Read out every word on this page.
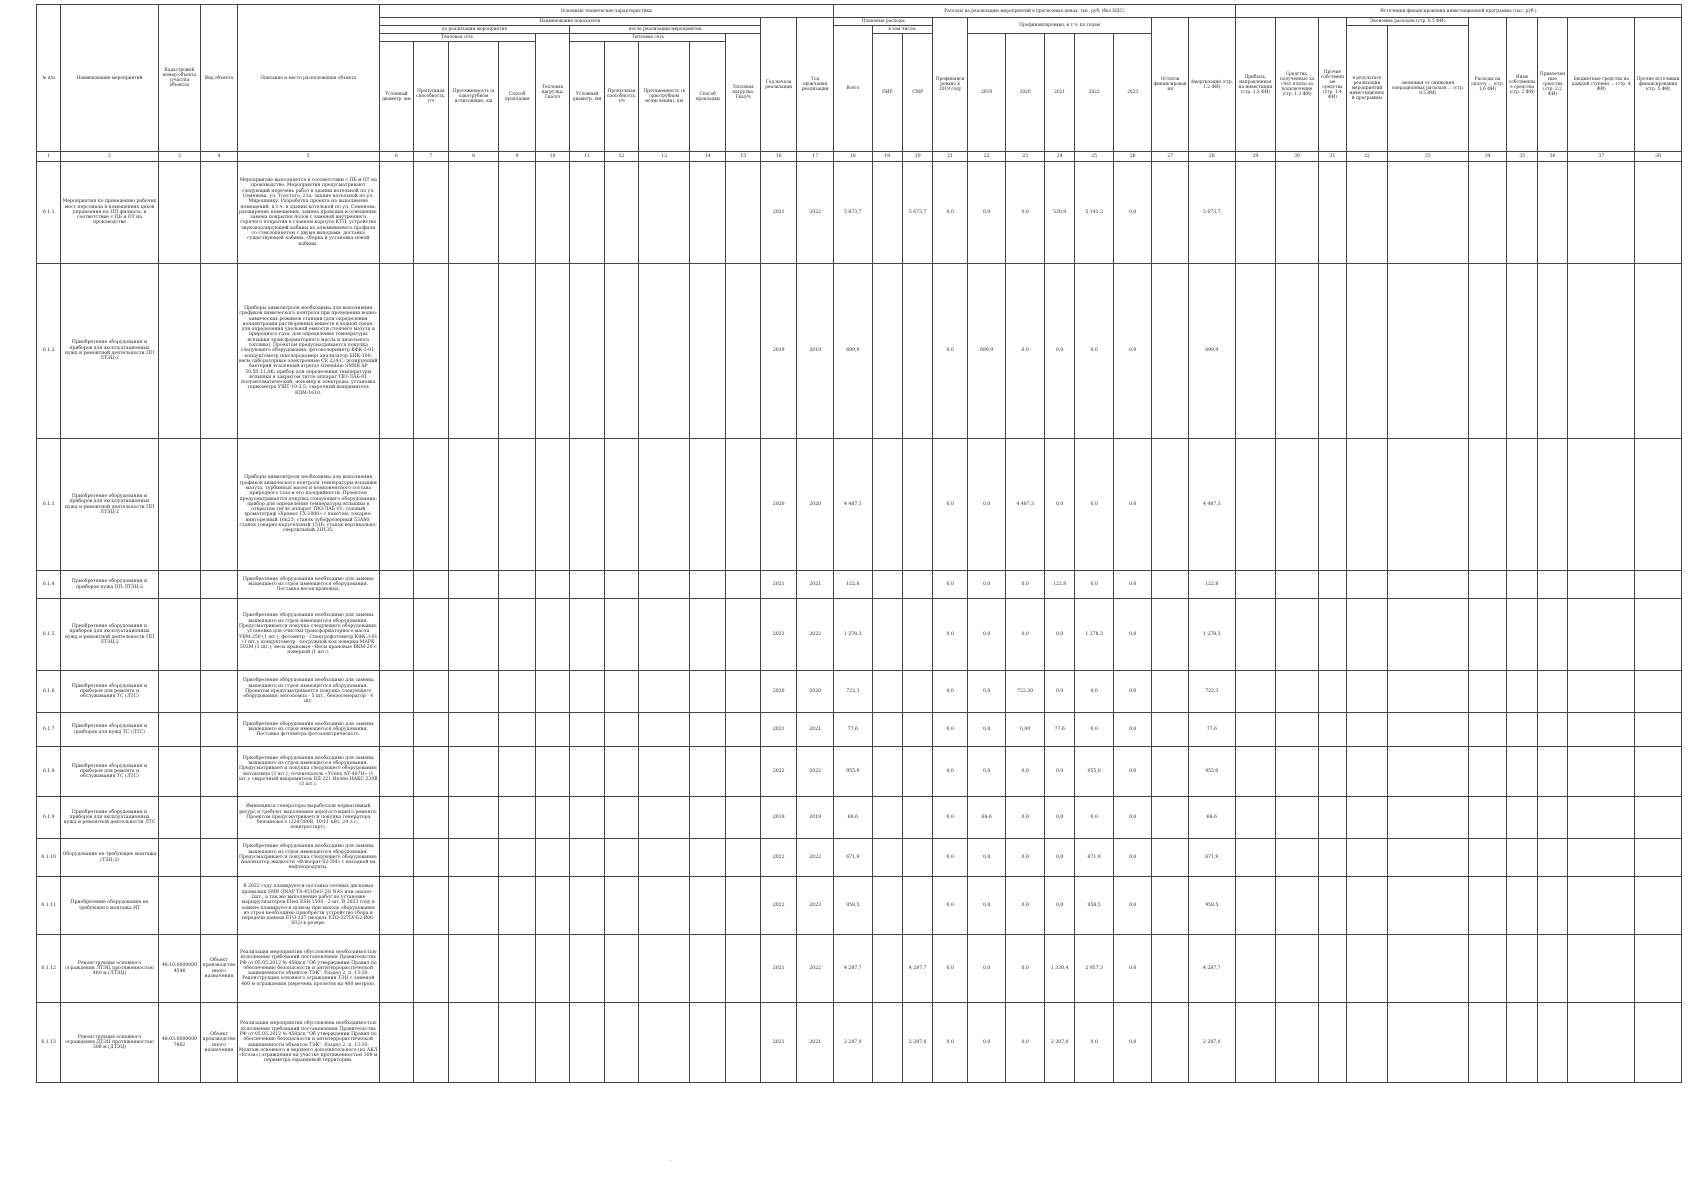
№ п/п	Наименование мероприятий	Кадастровый номер объекта (участка объекта)	Вид объекта	Описание и место расположения объекта	Основные технические характеристики												Расходы на реализацию мероприятий в прогнозных ценах, тыс. руб. (без НДС)											Источники финансирования инвестиционной программы (тыс. руб.)									
					Наименование показателя										Год начала реализации	Год окончания реализации	Плановые расходы			Профинансировано к 2019 году	Профинансировано, в т.ч. по годам					Остаток финансирования	Амортизация (стр. 1.2 ФИ)	Прибыль, направленная на инвестиции (стр. 1.2 ФИ)	Средства, полученные за счет платы за подключение (стр. 1.3 ФИ)	Прочие собственные средства (стр. 1.4 ФИ)	Экономия расходов (стр. 8.5 ФИ)		Расходы на оплату ... (стр. 1.6 ФИ)	Иные собственные средства (стр. 2 ФИ)	Привлеченные средства (стр. 2.2 ФИ)	Бюджетные средства на каждой ступени ... (стр. 4 ФИ)	Прочие источники финансирования (стр. 5 ФИ)
					до реализации мероприятия					после реализации мероприятия							Всего	в том числе:													в результате реализации мероприятий инвестиционной программы	экономия от снижения операционных расходов ... (стр. 8.5 ФИ)					
					Тепловая сеть				Тепловая нагрузка, Гкал/ч	Тепловая сеть				Тепловая нагрузка, Гкал/ч				ПИР	СМР		2019	2020	2021	2022	2023												
					Условный диаметр, мм	Пропускная способность, т/ч	Протяженность (в однотрубном исчислении), км	Способ прокладки		Условный диаметр, мм	Пропускная способность, т/ч	Протяженность (в однотрубном исчислении), км	Способ прокладки																								

1	2	3	4	5	6	7	8	9	10	11	12	13	14	15	16	17	18	19	20	21	22	23	24	25	26	27	28	29	30	31	32	33	34	35	36	37	38
6.1.1	Мероприятия по приведению рабочих мест персонала в помещениях цехов управления на ПП филиала, в соответствие с ПБ и ОТ на производстве			Мероприятие выполняется в соответствии с ПБ и ОТ на производстве. Мероприятия предусматривают следующий перечень работ в здании котельной по ул. Семенова, ул. Толстого, 23а; здание котельной по ул. Мирошнику. Разработка проекта на выполнение помещений, в т.ч. в здании котельной по ул. Семенова; расширение помещения, замена проводки и освещения, замена покрытия полов с заменой внутреннего горячего покрытия в главном корпусе КТП; устройство звукоизолирующей кабины из алюминиевого профиля со стеклопакетом с двумя выходами, доставка существующей кабины, сборка и установка новой кабины.											2021	2022	5 673,7		5 673,7	0,0	0,0	0,0	530,9	5 143,3	0,0		5 673,7										
6.1.2	Приобретение оборудования и приборов для эксплуатационных нужд и ремонтной деятельности ПП ЛТЭЦ-2			Приборы химконтроля необходимы для выполнения графиков химического контроля при проведении водно-химических режимов станции (для определения концентрации растворенных веществ в водной среде, для определения удельной емкости стоячего мазута и природного газа, для определения температуры вспышки трансформаторного масла и дизельного топлива). Проектом предусматривается покупка следующего оборудования: фотоколориметр КФК-3-01; кондуктометр (кислородомер) анализатор БПК-100; весы лабораторные электронные CE 224-C; дозирующий бактерий эталонный агрегат Greenline SMBR AP 50.50.11.AK; прибор для определения температуры вспышки в закрытом тигле аппарат ТВЗ-ЛАБ-01 полуавтоматический; иономер и электроды; установка термометра УШТ-10-2.5; сварочный выпрямитель ВДМ-1610.											2019	2019	699,9			0,0	699,9	0,0	0,0	0,0	0,0		699,9										
6.1.3	Приобретение оборудования и приборов для эксплуатационных нужд и ремонтной деятельности ПП ЛТЭЦ-2			Приборы химконтроля необходимы для выполнения графиков химического контроля температуры вспышки мазута, турбинных масел и компонентного состава природного газа и его калорийности. Проектом предусматривается покупка следующего оборудования: прибор для определения температуры вспышки в открытом тигле аппарат ТВО-ЛАБ-01; газовый хроматограф «Хромос ГХ-1000» с пакетом; токарно-винторезный 16к25; станок зубофрезерный 53А80; станок токарно-карусельный 1516; станок вертикально-сверлильный 2Н135.											2020	2020	4 487,3			0,0	0,0	4 487,3	0,0	0,0	0,0		4 487,3										
6.1.4	Приобретение оборудования и приборов нужд ПП ЛТЭЦ-2			Приобретение оборудования необходимо для замены вышедшего из строя имеющегося оборудования. Поставка весов крановых.											2021	2021	122,8			0,0	0,0	0,0	122,8	0,0	0,0		122,8										
6.1.5	Приобретение оборудования и приборов для эксплуатационных нужд и ремонтной деятельности ПП ЛТЭЦ-2			Приобретение оборудования необходимо для замены вышедшего из строя имеющегося оборудования. Предусматривается покупка следующего оборудования: установка для очистки трансформаторного масла УВМ-250 (1 шт.); фотометр - Спектрофотометр КФК-3-01 (1 шт.); кондуктометр - погружной код поверки МАРК 503М (1 шт.); весы крановые - Весы крановые ВКМ-20 с поверкой (1 шт.).											2022	2022	1 278,3			0,0	0,0	0,0	0,0	1 278,3	0,0		1 278,3										
6.1.6	Приобретение оборудования и приборов для ремонта и обслуживания ТС (ЛТС)			Приобретение оборудования необходимо для замены вышедшего из строя имеющегося оборудования. Проектом предусматривается покупка следующего оборудования: мотопомпа - 5 шт., бензогенератор - 4 шт.											2020	2020	722,3			0,0	0,0	722,30	0,0	0,0	0,0		722,3										
6.1.7	Приобретение оборудования и приборов для нужд ТС (ЛТС)			Приобретение оборудования необходимо для замены вышедшего из строя имеющегося оборудования. Поставка фотометра фотоэлектрического.											2021	2021	77,6			0,0	0,0	0,00	77,6	0,0	0,0		77,6										
6.1.8	Приобретение оборудования и приборов для ремонта и обслуживания ТС (ЛТС)			Приобретение оборудования необходимо для замены вышедшего из строя имеющегося оборудования. Предусматривается покупка следующего оборудования: мотопомпа (3 шт.); течеискатель «Успех АТ-407Н» (1 шт.); сварочный выпрямитель ВД-221 Нелен НАКС 220В (3 шт.).											2022	2022	955,0			0,0	0,0	0,0	0,0	955,0	0,0		955,0										
6.1.9	Приобретение оборудования и приборов для эксплуатационных нужд и ремонтной деятельности ЛТС			Имеющиеся генераторы выработали нормативный ресурс и требуют выполнения дорогостоящего ремонта. Проектом предусматривается покупка генератора бензинового (220/380В, 10/11 кВт, 24 л.с., электростарт).											2019	2019	68,6			0,0	68,6	0,0	0,0	0,0	0,0		68,6										
6.1.10	Оборудование не требующее монтажа (ТЭЦ-2)			Приобретение оборудования необходимо для замены вышедшего из строя имеющегося оборудования. Предусматривается покупка следующего оборудования: Анализатор жидкости «Флюорат-02-5М» с насадкой на нефтепродукты.											2022	2022	671,9			0,0	0,0	0,0	0,0	671,9	0,0		671,9										
6.1.11	Приобретение оборудования не требующего монтажа ИТ			В 2022 году планируется поставка сетевых дисковых хранилищ SMB QNAP TS-451DeU-2G NAS или аналог - 2шт., а так же выполнение работ по установке маршрутизаторов Eltex ESR-1500 - 2 шт. В 2023 году к замене планируется шлюзы при выходе оборудования из строя необходимо приобрести устройство сбора и передачи данных ЕТО-327 (модель ЕТО-327LV-E2-B06-S02) в резерв.											2022	2023	958,5			0,0	0,0	0,0	0,0	958,5	0,0		958,5										
6.1.12	Реконструкция основного ограждения ЛТЭЦ протяженностью 460 м (ЛТЭЦ)	48:10:0000000 4546	Объект производственного назначения	Реализация мероприятия обусловлена необходимостью исполнения требований постановления Правительства РФ от 05.05.2012 № 458дсп "Об утверждении Правил по обеспечению безопасности и антитеррористической защищенности объектов ТЭК", Раздел 2, п. 13-20. Реконструкция основного ограждения ТЭЦ с заменой 460 м ограждения (перечень пролетов на 460 метров).											2021	2022	4 287,7		4 287,7	0,0	0,0	0,0	1 330,4	2 957,3	0,0		4 287,7										
6.1.13	Реконструкция основного ограждения ДТЭЦ протяженностью 308 м (ДТЭЦ)	48:03:0000000 7862	Объект производственного назначения	Реализация мероприятия обусловлена необходимостью исполнения требований постановления Правительства РФ от 05.05.2012 № 458дсп "Об утверждении Правил по обеспечению безопасности и антитеррористической защищенности объектов ТЭК", Раздел 2, п. 13-20. Монтаж основного и верхнего дополнительного (из АКЛ «Егоза») ограждения на участке протяженностью 308 м периметра охраняемой территории.											2021	2021	2 287,0		2 287,0	0,0	0,0	0,0	2 287,0	0,0	0,0		2 287,0										
·
